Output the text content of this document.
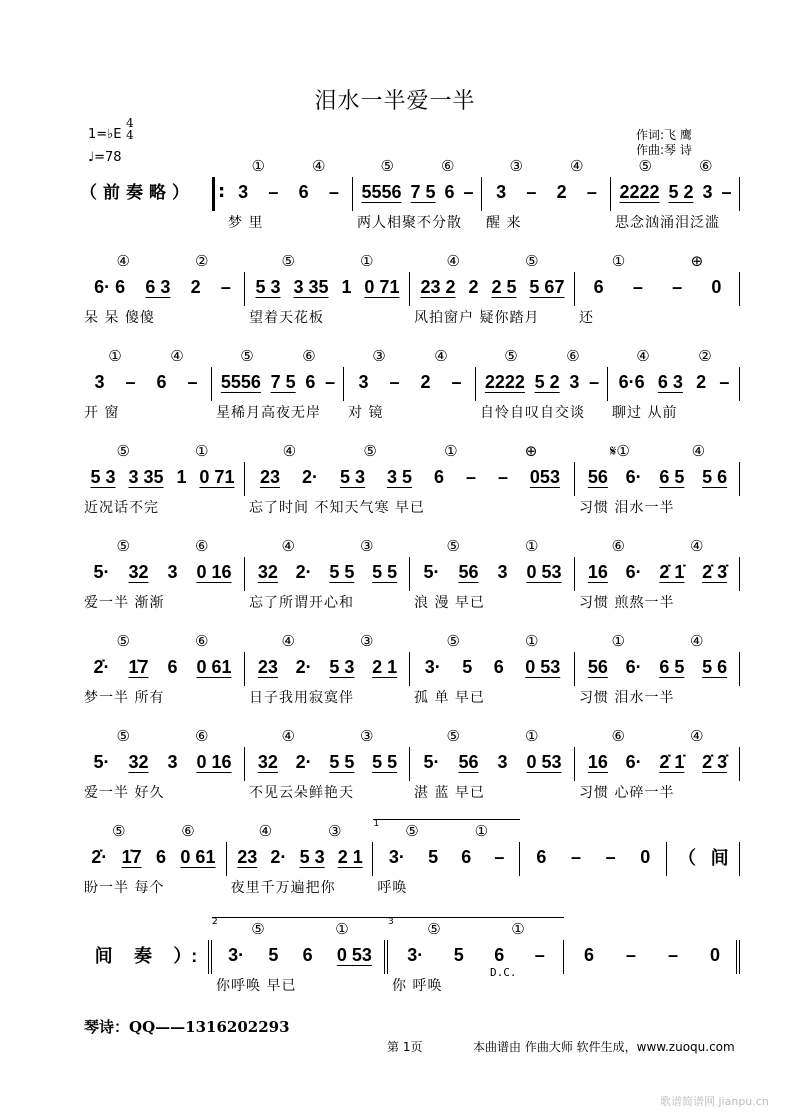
泪水一半爱一半
1=♭E
4
4
♩=78
作词:飞 鹰
作曲:琴 诗
（前奏略）
:
①	④
3 – 6 –
梦 里
⑤	⑥
5556 7 5 6 –
两人相聚不分散
③	④
3 – 2 –
醒 来
⑤	⑥
2222 5 2 3 –
思念汹涌泪泛滥
④	②
6· 6 6 3 2 –
呆 呆 傻傻
⑤	①
5 3 3 35 1 0 71
望着天花板
④	⑤
23 2 2 2 5 5 67
风拍窗户 疑你踏月
①	⊕
6 – – 0
还
①	④
3 – 6 –
开 窗
⑤	⑥
5556 7 5 6 –
星稀月高夜无岸
③	④
3 – 2 –
对 镜
⑤	⑥
2222 5 2 3 –
自怜自叹自交谈
④	②
6·6 6 3 2 –
聊过 从前
⑤	①
5 3 3 35 1 0 71
近况话不完
④	⑤	①	⊕
23 2· 5 3 3 5 6 – – 053
忘了时间 不知天气寒 早已
𝄋①	④
56 6· 6 5 5 6
习惯 泪水一半
⑤	⑥
5· 32 3 0 16
爱一半 渐渐
④	③
32 2· 5 5 5 5
忘了所谓开心和
⑤	①
5· 56 3 0 53
浪 漫 早已
⑥	④
16 6· 2̇ 1̇ 2̇ 3̇
习惯 煎熬一半
⑤	⑥
2̇· 1̇7 6 0 61
梦一半 所有
④	③
23 2· 5 3 2 1
日子我用寂寞伴
⑤	①
3· 5 6 0 53
孤 单 早已
①	④
56 6· 6 5 5 6
习惯 泪水一半
⑤	⑥
5· 32 3 0 16
爱一半 好久
④	③
32 2· 5 5 5 5
不见云朵鲜艳天
⑤	①
5· 56 3 0 53
湛 蓝 早已
⑥	④
16 6· 2̇ 1̇ 2̇ 3̇
习惯 心碎一半
⑤	⑥
2̇· 1̇7 6 0 61
盼一半 每个
④	③
23 2· 5 3 2 1
夜里千万遍把你
1 ⑤	①
3· 5 6 –
呼唤
6 – – 0 （ 间
间 奏 ）:
2 ⑤	①
3· 5 6 0 53
你呼唤 早已
3 ⑤	①
3· 5 6 –
你 呼唤
6 – – 0
D.C.
琴诗：QQ——1316202293
第 1页	本曲谱由 作曲大师 软件生成，www.zuoqu.com
歌谱简谱网 jianpu.cn
